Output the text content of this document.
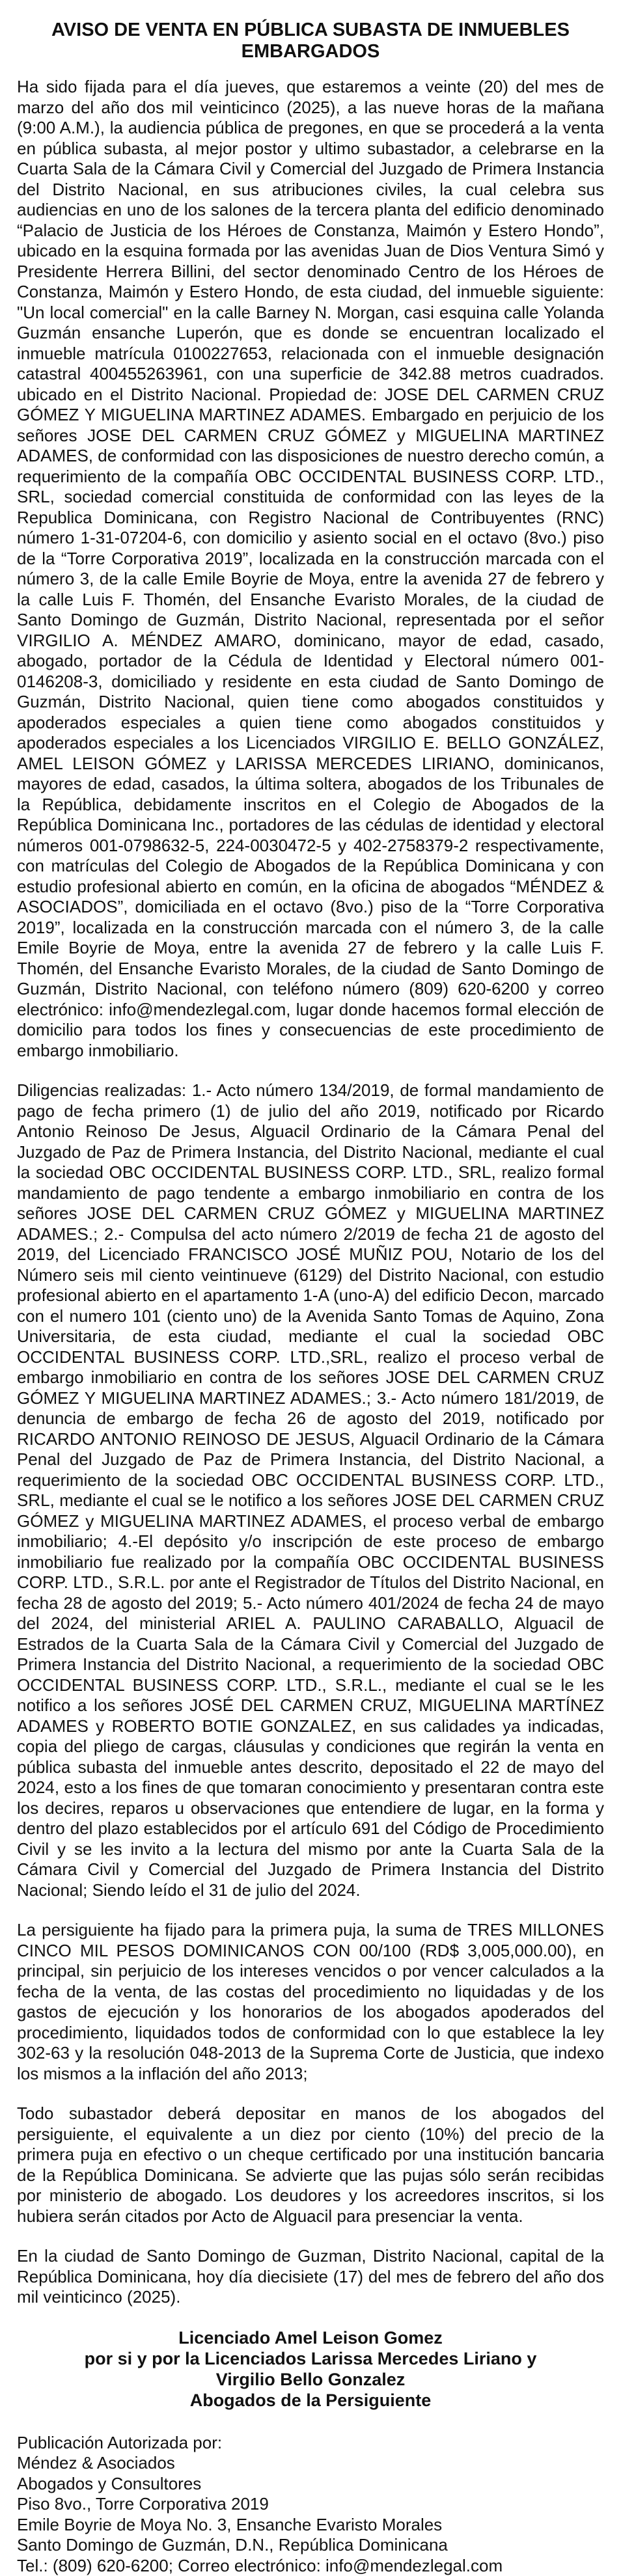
AVISO DE VENTA EN PÚBLICA SUBASTA DE INMUEBLES
EMBARGADOS

Ha sido fijada para el día jueves, que estaremos a veinte (20) del mes de marzo del año dos mil veinticinco (2025), a las nueve horas de la mañana (9:00 A.M.), la audiencia pública de pregones, en que se procederá a la venta en pública subasta, al mejor postor y ultimo subastador, a celebrarse en la Cuarta Sala de la Cámara Civil y Comercial del Juzgado de Primera Instancia del Distrito Nacional, en sus atribuciones civiles, la cual celebra sus audiencias en uno de los salones de la tercera planta del edificio denominado “Palacio de Justicia de los Héroes de Constanza, Maimón y Estero Hondo”, ubicado en la esquina formada por las avenidas Juan de Dios Ventura Simó y Presidente Herrera Billini, del sector denominado Centro de los Héroes de Constanza, Maimón y Estero Hondo, de esta ciudad, del inmueble siguiente: "Un local comercial" en la calle Barney N. Morgan, casi esquina calle Yolanda Guzmán ensanche Luperón, que es donde se encuentran localizado el inmueble matrícula 0100227653, relacionada con el inmueble designación catastral 400455263961, con una superficie de 342.88 metros cuadrados. ubicado en el Distrito Nacional. Propiedad de: JOSE DEL CARMEN CRUZ GÓMEZ Y MIGUELINA MARTINEZ ADAMES. Embargado en perjuicio de los señores JOSE DEL CARMEN CRUZ GÓMEZ y MIGUELINA MARTINEZ ADAMES, de conformidad con las disposiciones de nuestro derecho común, a requerimiento de la compañía OBC OCCIDENTAL BUSINESS CORP. LTD., SRL, sociedad comercial constituida de conformidad con las leyes de la Republica Dominicana, con Registro Nacional de Contribuyentes (RNC) número 1-31-07204-6, con domicilio y asiento social en el octavo (8vo.) piso de la “Torre Corporativa 2019”, localizada en la construcción marcada con el número 3, de la calle Emile Boyrie de Moya, entre la avenida 27 de febrero y la calle Luis F. Thomén, del Ensanche Evaristo Morales, de la ciudad de Santo Domingo de Guzmán, Distrito Nacional, representada por el señor VIRGILIO A. MÉNDEZ AMARO, dominicano, mayor de edad, casado, abogado, portador de la Cédula de Identidad y Electoral número 001-0146208-3, domiciliado y residente en esta ciudad de Santo Domingo de Guzmán, Distrito Nacional, quien tiene como abogados constituidos y apoderados especiales a quien tiene como abogados constituidos y apoderados especiales a los Licenciados VIRGILIO E. BELLO GONZÁLEZ, AMEL LEISON GÓMEZ y LARISSA MERCEDES LIRIANO, dominicanos, mayores de edad, casados, la última soltera, abogados de los Tribunales de la República, debidamente inscritos en el Colegio de Abogados de la República Dominicana Inc., portadores de las cédulas de identidad y electoral números 001-0798632-5, 224-0030472-5 y 402-2758379-2 respectivamente, con matrículas del Colegio de Abogados de la República Dominicana y con estudio profesional abierto en común, en la oficina de abogados “MÉNDEZ & ASOCIADOS”, domiciliada en el octavo (8vo.) piso de la “Torre Corporativa 2019”, localizada en la construcción marcada con el número 3, de la calle Emile Boyrie de Moya, entre la avenida 27 de febrero y la calle Luis F. Thomén, del Ensanche Evaristo Morales, de la ciudad de Santo Domingo de Guzmán, Distrito Nacional, con teléfono número (809) 620-6200 y correo electrónico: info@mendezlegal.com, lugar donde hacemos formal elección de domicilio para todos los fines y consecuencias de este procedimiento de embargo inmobiliario.

Diligencias realizadas: 1.- Acto número 134/2019, de formal mandamiento de pago de fecha primero (1) de julio del año 2019, notificado por Ricardo Antonio Reinoso De Jesus, Alguacil Ordinario de la Cámara Penal del Juzgado de Paz de Primera Instancia, del Distrito Nacional, mediante el cual la sociedad OBC OCCIDENTAL BUSINESS CORP. LTD., SRL, realizo formal mandamiento de pago tendente a embargo inmobiliario en contra de los señores JOSE DEL CARMEN CRUZ GÓMEZ y MIGUELINA MARTINEZ ADAMES.; 2.- Compulsa del acto número 2/2019 de fecha 21 de agosto del 2019, del Licenciado FRANCISCO JOSÉ MUÑIZ POU, Notario de los del Número seis mil ciento veintinueve (6129) del Distrito Nacional, con estudio profesional abierto en el apartamento 1-A (uno-A) del edificio Decon, marcado con el numero 101 (ciento uno) de la Avenida Santo Tomas de Aquino, Zona Universitaria, de esta ciudad, mediante el cual la sociedad OBC OCCIDENTAL BUSINESS CORP. LTD.,SRL, realizo el proceso verbal de embargo inmobiliario en contra de los señores JOSE DEL CARMEN CRUZ GÓMEZ Y MIGUELINA MARTINEZ ADAMES.; 3.- Acto número 181/2019, de denuncia de embargo de fecha 26 de agosto del 2019, notificado por RICARDO ANTONIO REINOSO DE JESUS, Alguacil Ordinario de la Cámara Penal del Juzgado de Paz de Primera Instancia, del Distrito Nacional, a requerimiento de la sociedad OBC OCCIDENTAL BUSINESS CORP. LTD., SRL, mediante el cual se le notifico a los señores JOSE DEL CARMEN CRUZ GÓMEZ y MIGUELINA MARTINEZ ADAMES, el proceso verbal de embargo inmobiliario; 4.-El depósito y/o inscripción de este proceso de embargo inmobiliario fue realizado por la compañía OBC OCCIDENTAL BUSINESS CORP. LTD., S.R.L. por ante el Registrador de Títulos del Distrito Nacional, en fecha 28 de agosto del 2019; 5.- Acto número 401/2024 de fecha 24 de mayo del 2024, del ministerial ARIEL A. PAULINO CARABALLO, Alguacil de Estrados de la Cuarta Sala de la Cámara Civil y Comercial del Juzgado de Primera Instancia del Distrito Nacional, a requerimiento de la sociedad OBC OCCIDENTAL BUSINESS CORP. LTD., S.R.L., mediante el cual se le les notifico a los señores JOSÉ DEL CARMEN CRUZ, MIGUELINA MARTÍNEZ ADAMES y ROBERTO BOTIE GONZALEZ, en sus calidades ya indicadas, copia del pliego de cargas, cláusulas y condiciones que regirán la venta en pública subasta del inmueble antes descrito, depositado el 22 de mayo del 2024, esto a los fines de que tomaran conocimiento y presentaran contra este los decires, reparos u observaciones que entendiere de lugar, en la forma y dentro del plazo establecidos por el artículo 691 del Código de Procedimiento Civil y se les invito a la lectura del mismo por ante la Cuarta Sala de la Cámara Civil y Comercial del Juzgado de Primera Instancia del Distrito Nacional; Siendo leído el 31 de julio del 2024.

La persiguiente ha fijado para la primera puja, la suma de TRES MILLONES CINCO MIL PESOS DOMINICANOS CON 00/100 (RD$ 3,005,000.00), en principal, sin perjuicio de los intereses vencidos o por vencer calculados a la fecha de la venta, de las costas del procedimiento no liquidadas y de los gastos de ejecución y los honorarios de los abogados apoderados del procedimiento, liquidados todos de conformidad con lo que establece la ley 302-63 y la resolución 048-2013 de la Suprema Corte de Justicia, que indexo los mismos a la inflación del año 2013;

Todo subastador deberá depositar en manos de los abogados del persiguiente, el equivalente a un diez por ciento (10%) del precio de la primera puja en efectivo o un cheque certificado por una institución bancaria de la República Dominicana. Se advierte que las pujas sólo serán recibidas por ministerio de abogado. Los deudores y los acreedores inscritos, si los hubiera serán citados por Acto de Alguacil para presenciar la venta.

En la ciudad de Santo Domingo de Guzman, Distrito Nacional, capital de la República Dominicana, hoy día diecisiete (17) del mes de febrero del año dos mil veinticinco (2025).

Licenciado Amel Leison Gomez
por si y por la Licenciados Larissa Mercedes Liriano y
Virgilio Bello Gonzalez
Abogados de la Persiguiente
Publicación Autorizada por:
Méndez & Asociados
Abogados y Consultores
Piso 8vo., Torre Corporativa 2019
Emile Boyrie de Moya No. 3, Ensanche Evaristo Morales
Santo Domingo de Guzmán, D.N., República Dominicana
Tel.: (809) 620-6200; Correo electrónico: info@mendezlegal.com
